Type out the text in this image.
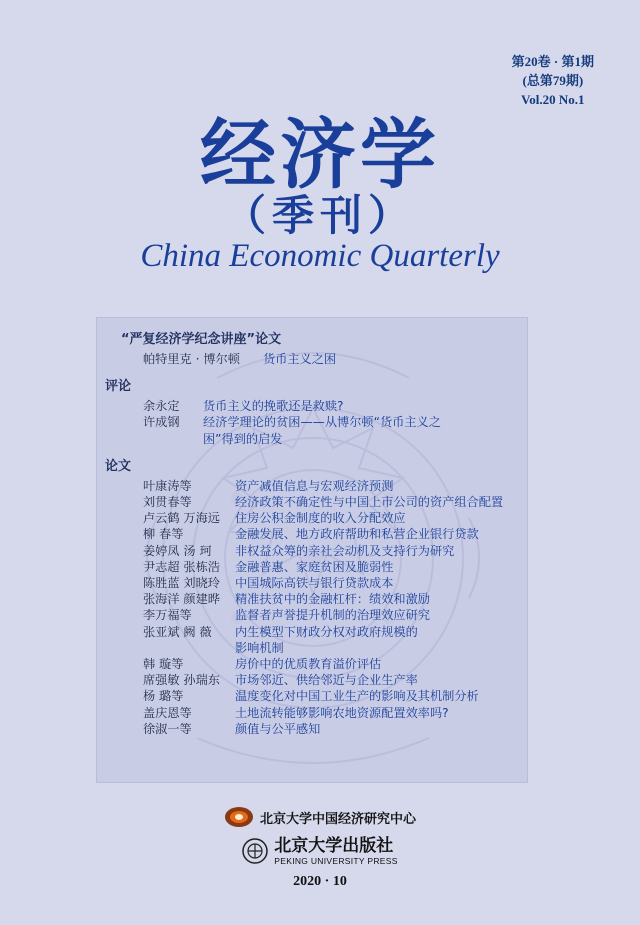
第20卷 · 第1期
(总第79期)
Vol.20 No.1
经济学
（季刊）
China Economic Quarterly
“严复经济学纪念讲座”论文
帕特里克 · 博尔顿	货币主义之困
评论
余永定	货币主义的挽歌还是救赎?
许成钢	经济学理论的贫困——从博尔顿“货币主义之
困”得到的启发
论文
叶康涛等	资产减值信息与宏观经济预测
刘贯春等	经济政策不确定性与中国上市公司的资产组合配置
卢云鹤 万海远	住房公积金制度的收入分配效应
柳 春等	金融发展、地方政府帮助和私营企业银行贷款
姜婷凤 汤 珂	非权益众筹的亲社会动机及支持行为研究
尹志超 张栋浩	金融普惠、家庭贫困及脆弱性
陈胜蓝 刘晓玲	中国城际高铁与银行贷款成本
张海洋 颜建晔	精准扶贫中的金融杠杆：绩效和激励
李万福等	监督者声誉提升机制的治理效应研究
张亚斌 阙 薇	内生模型下财政分权对政府规模的
影响机制
韩 璇等	房价中的优质教育溢价评估
席强敏 孙瑞东	市场邻近、供给邻近与企业生产率
杨 璐等	温度变化对中国工业生产的影响及其机制分析
盖庆恩等	土地流转能够影响农地资源配置效率吗?
徐淑一等	颜值与公平感知
北京大学中国经济研究中心
北京大学出版社
PEKING UNIVERSITY PRESS
2020 · 10
